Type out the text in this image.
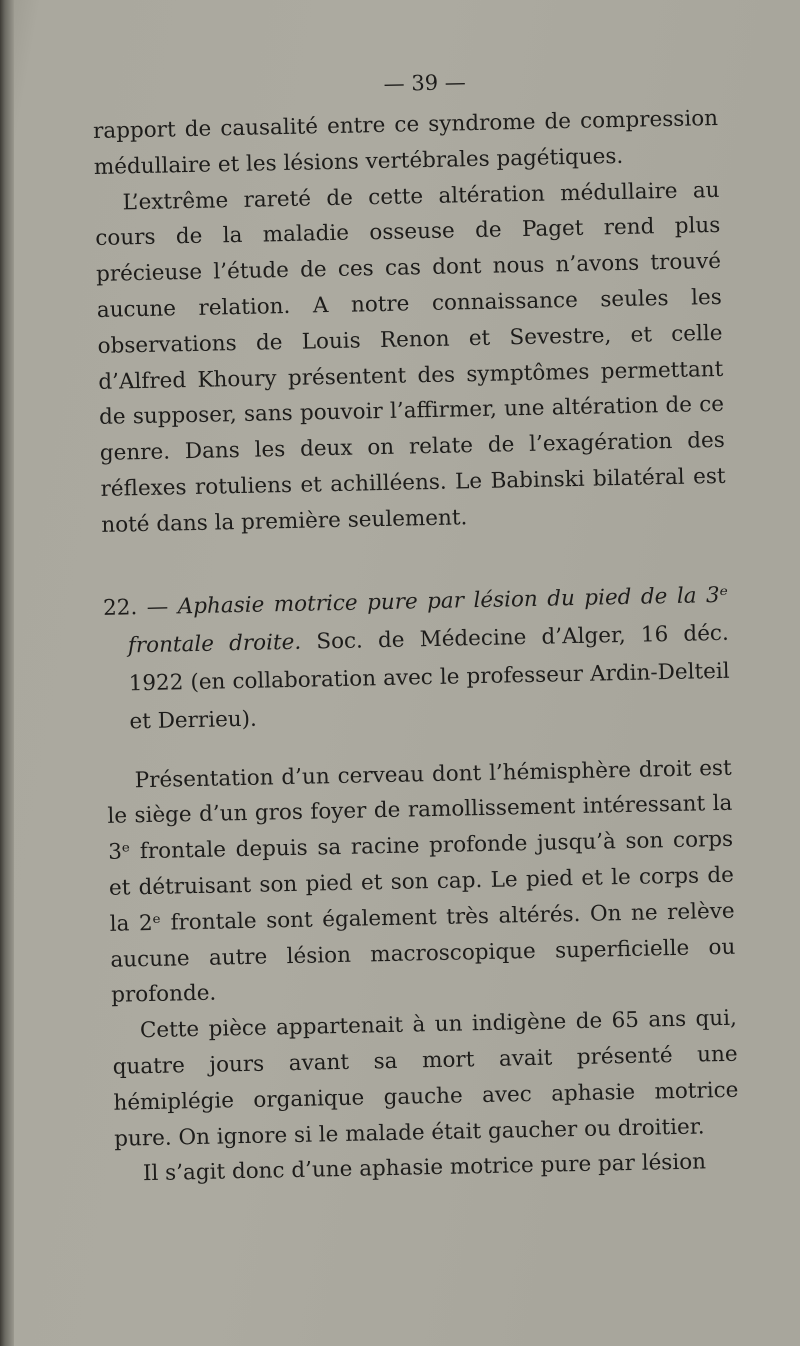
— 39 —

rapport de causalité entre ce syndrome de compression médullaire et les lésions vertébrales pagétiques.

L’extrême rareté de cette altération médullaire au cours de la maladie osseuse de Paget rend plus précieuse l’étude de ces cas dont nous n’avons trouvé aucune relation. A notre connaissance seules les observations de Louis Renon et Sevestre, et celle d’Alfred Khoury présentent des symptômes permettant de supposer, sans pouvoir l’affirmer, une altération de ce genre. Dans les deux on relate de l’exagération des réflexes rotuliens et achilléens. Le Babinski bilatéral est noté dans la première seulement.

22. — Aphasie motrice pure par lésion du pied de la 3ᵉ frontale droite. Soc. de Médecine d’Alger, 16 déc. 1922 (en collaboration avec le professeur Ardin-Delteil et Derrieu).

Présentation d’un cerveau dont l’hémisphère droit est le siège d’un gros foyer de ramollissement intéressant la 3ᵉ frontale depuis sa racine profonde jusqu’à son corps et détruisant son pied et son cap. Le pied et le corps de la 2ᵉ frontale sont également très altérés. On ne relève aucune autre lésion macroscopique superficielle ou profonde.

Cette pièce appartenait à un indigène de 65 ans qui, quatre jours avant sa mort avait présenté une hémiplégie organique gauche avec aphasie motrice pure. On ignore si le malade était gaucher ou droitier.

Il s’agit donc d’une aphasie motrice pure par lésion
